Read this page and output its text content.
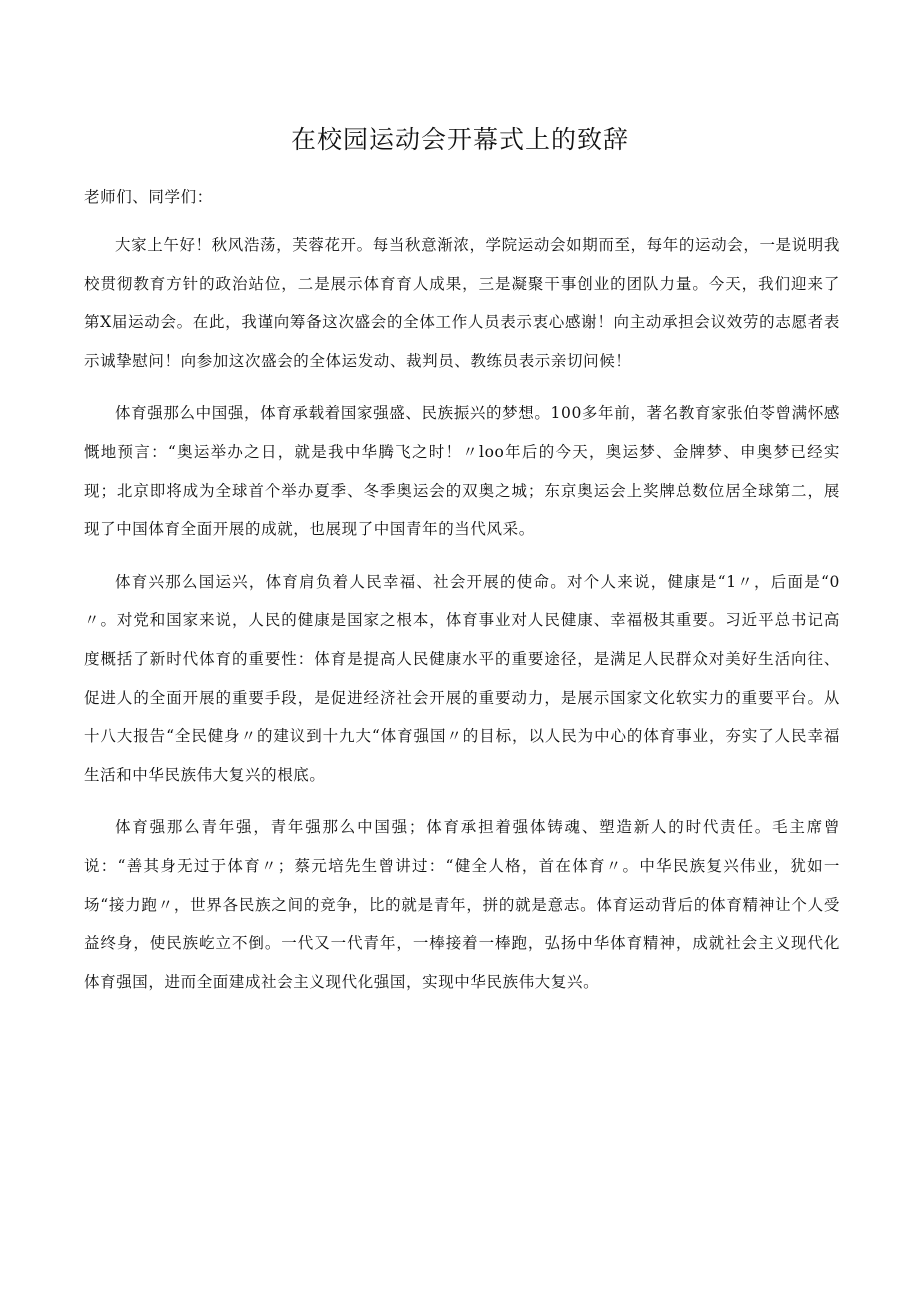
在校园运动会开幕式上的致辞

老师们、同学们：

大家上午好！秋风浩荡，芙蓉花开。每当秋意渐浓，学院运动会如期而至，每年的运动会，一是说明我校贯彻教育方针的政治站位，二是展示体育育人成果，三是凝聚干事创业的团队力量。今天，我们迎来了第X届运动会。在此，我谨向筹备这次盛会的全体工作人员表示衷心感谢！向主动承担会议效劳的志愿者表示诚挚慰问！向参加这次盛会的全体运发动、裁判员、教练员表示亲切问候！

体育强那么中国强，体育承载着国家强盛、民族振兴的梦想。100多年前，著名教育家张伯苓曾满怀感慨地预言：“奥运举办之日，就是我中华腾飞之时！〃loo年后的今天，奥运梦、金牌梦、申奥梦已经实现；北京即将成为全球首个举办夏季、冬季奥运会的双奥之城；东京奥运会上奖牌总数位居全球第二，展现了中国体育全面开展的成就，也展现了中国青年的当代风采。

体育兴那么国运兴，体育肩负着人民幸福、社会开展的使命。对个人来说，健康是“1〃，后面是“0〃。对党和国家来说，人民的健康是国家之根本，体育事业对人民健康、幸福极其重要。习近平总书记高度概括了新时代体育的重要性：体育是提高人民健康水平的重要途径，是满足人民群众对美好生活向往、促进人的全面开展的重要手段，是促进经济社会开展的重要动力，是展示国家文化软实力的重要平台。从十八大报告“全民健身〃的建议到十九大“体育强国〃的目标，以人民为中心的体育事业，夯实了人民幸福生活和中华民族伟大复兴的根底。

体育强那么青年强，青年强那么中国强；体育承担着强体铸魂、塑造新人的时代责任。毛主席曾说：“善其身无过于体育〃；蔡元培先生曾讲过：“健全人格，首在体育〃。中华民族复兴伟业，犹如一场“接力跑〃，世界各民族之间的竞争，比的就是青年，拼的就是意志。体育运动背后的体育精神让个人受益终身，使民族屹立不倒。一代又一代青年，一棒接着一棒跑，弘扬中华体育精神，成就社会主义现代化体育强国，进而全面建成社会主义现代化强国，实现中华民族伟大复兴。
